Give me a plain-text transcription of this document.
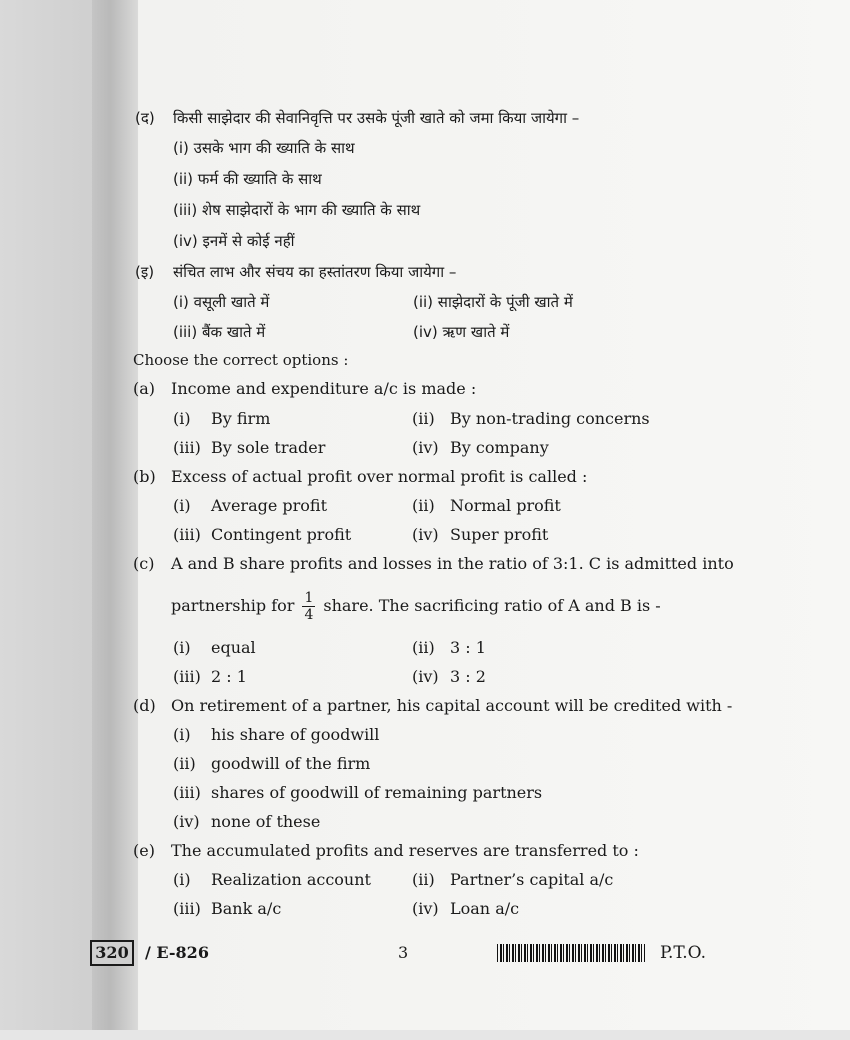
(द) किसी साझेदार की सेवानिवृत्ति पर उसके पूंजी खाते को जमा किया जायेगा –
(i) उसके भाग की ख्याति के साथ
(ii) फर्म की ख्याति के साथ
(iii) शेष साझेदारों के भाग की ख्याति के साथ
(iv) इनमें से कोई नहीं
(इ) संचित लाभ और संचय का हस्तांतरण किया जायेगा –
(i) वसूली खाते में	(ii) साझेदारों के पूंजी खाते में
(iii) बैंक खाते में	(iv) ऋण खाते में
Choose the correct options :
(a) Income and expenditure a/c is made :
(i) By firm	(ii) By non-trading concerns
(iii) By sole trader	(iv) By company
(b) Excess of actual profit over normal profit is called :
(i) Average profit	(ii) Normal profit
(iii) Contingent profit	(iv) Super profit
(c) A and B share profits and losses in the ratio of 3:1. C is admitted into
partnership for $\frac{1}{4}$ share. The sacrificing ratio of A and B is -
(i) equal	(ii) 3 : 1
(iii) 2 : 1	(iv) 3 : 2
(d) On retirement of a partner, his capital account will be credited with -
(i) his share of goodwill
(ii) goodwill of the firm
(iii) shares of goodwill of remaining partners
(iv) none of these
(e) The accumulated profits and reserves are transferred to :
(i) Realization account	(ii) Partner’s capital a/c
(iii) Bank a/c	(iv) Loan a/c
320	/ E-826	3	P.T.O.
